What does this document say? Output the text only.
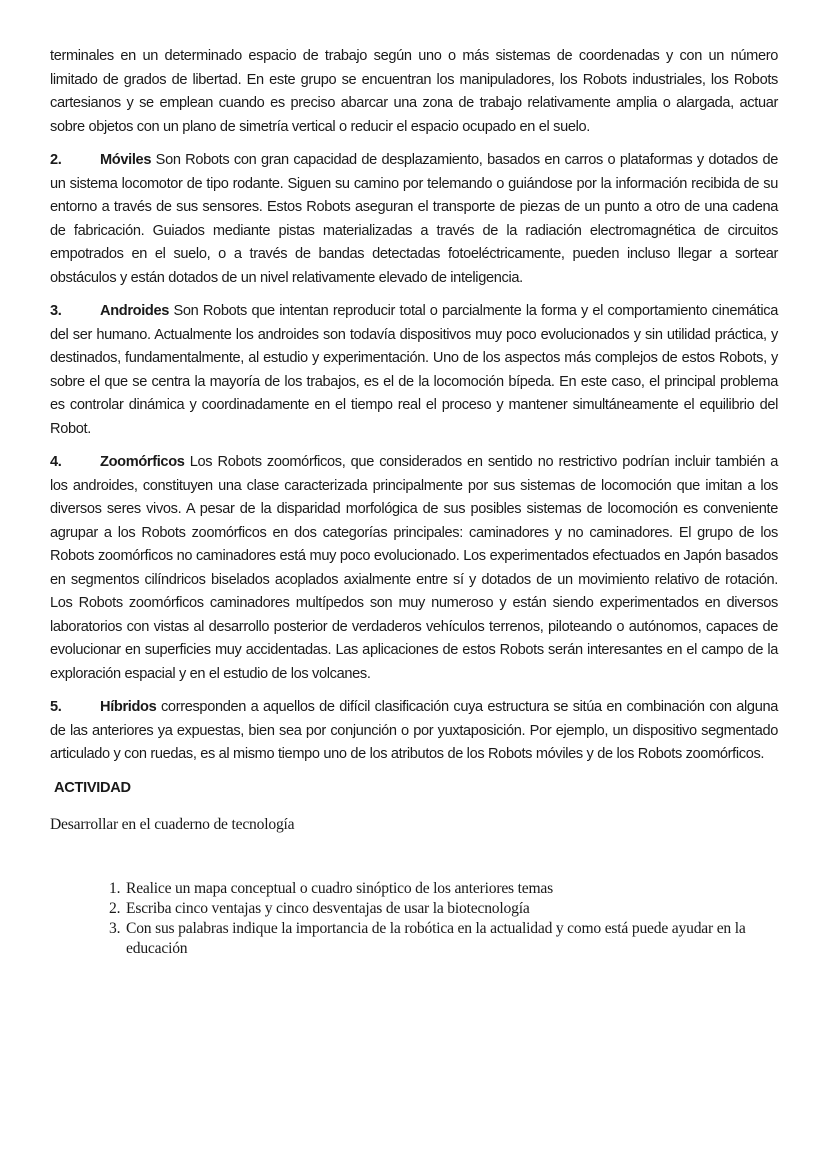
terminales en un determinado espacio de trabajo según uno o más sistemas de coordenadas y con un número limitado de grados de libertad. En este grupo se encuentran los manipuladores, los Robots industriales, los Robots cartesianos y se emplean cuando es preciso abarcar una zona de trabajo relativamente amplia o alargada, actuar sobre objetos con un plano de simetría vertical o reducir el espacio ocupado en el suelo.

2.	Móviles Son Robots con gran capacidad de desplazamiento, basados en carros o plataformas y dotados de un sistema locomotor de tipo rodante. Siguen su camino por telemando o guiándose por la información recibida de su entorno a través de sus sensores. Estos Robots aseguran el transporte de piezas de un punto a otro de una cadena de fabricación. Guiados mediante pistas materializadas a través de la radiación electromagnética de circuitos empotrados en el suelo, o a través de bandas detectadas fotoeléctricamente, pueden incluso llegar a sortear obstáculos y están dotados de un nivel relativamente elevado de inteligencia.

3.	Androides Son Robots que intentan reproducir total o parcialmente la forma y el comportamiento cinemática del ser humano. Actualmente los androides son todavía dispositivos muy poco evolucionados y sin utilidad práctica, y destinados, fundamentalmente, al estudio y experimentación. Uno de los aspectos más complejos de estos Robots, y sobre el que se centra la mayoría de los trabajos, es el de la locomoción bípeda. En este caso, el principal problema es controlar dinámica y coordinadamente en el tiempo real el proceso y mantener simultáneamente el equilibrio del Robot.

4.	Zoomórficos Los Robots zoomórficos, que considerados en sentido no restrictivo podrían incluir también a los androides, constituyen una clase caracterizada principalmente por sus sistemas de locomoción que imitan a los diversos seres vivos. A pesar de la disparidad morfológica de sus posibles sistemas de locomoción es conveniente agrupar a los Robots zoomórficos en dos categorías principales: caminadores y no caminadores. El grupo de los Robots zoomórficos no caminadores está muy poco evolucionado. Los experimentados efectuados en Japón basados en segmentos cilíndricos biselados acoplados axialmente entre sí y dotados de un movimiento relativo de rotación. Los Robots zoomórficos caminadores multípedos son muy numeroso y están siendo experimentados en diversos laboratorios con vistas al desarrollo posterior de verdaderos vehículos terrenos, piloteando o autónomos, capaces de evolucionar en superficies muy accidentadas. Las aplicaciones de estos Robots serán interesantes en el campo de la exploración espacial y en el estudio de los volcanes.

5.	Híbridos corresponden a aquellos de difícil clasificación cuya estructura se sitúa en combinación con alguna de las anteriores ya expuestas, bien sea por conjunción o por yuxtaposición. Por ejemplo, un dispositivo segmentado articulado y con ruedas, es al mismo tiempo uno de los atributos de los Robots móviles y de los Robots zoomórficos.

ACTIVIDAD
Desarrollar en el cuaderno de tecnología
1. Realice un mapa conceptual o cuadro sinóptico de los anteriores temas
2. Escriba cinco ventajas y cinco desventajas de usar la biotecnología
3. Con sus palabras indique la importancia de la robótica en la actualidad y como está puede ayudar en la educación
